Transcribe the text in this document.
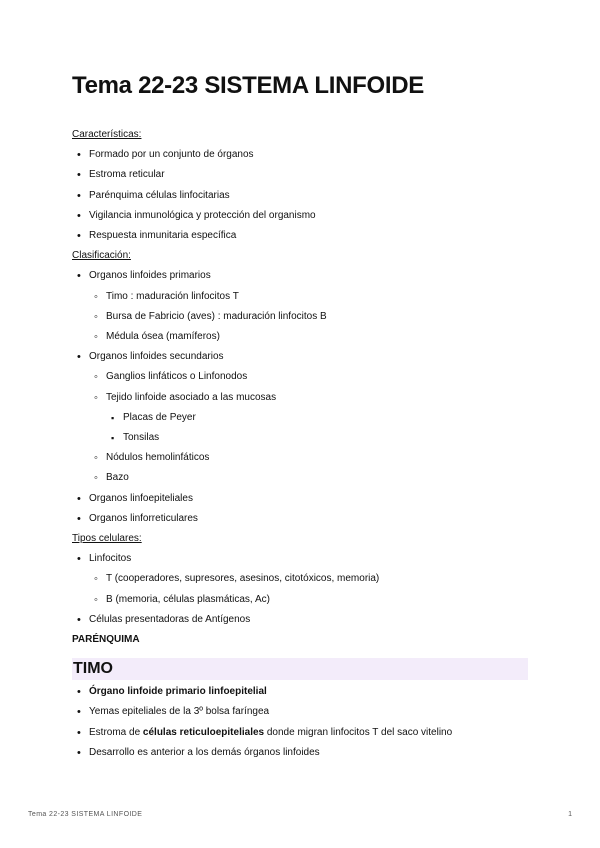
Tema 22-23 SISTEMA LINFOIDE
Características:
• Formado por un conjunto de órganos
• Estroma reticular
• Parénquima células linfocitarias
• Vigilancia inmunológica y protección del organismo
• Respuesta inmunitaria específica
Clasificación:
• Organos linfoides primarios
◦ Timo : maduración linfocitos T
◦ Bursa de Fabricio (aves) : maduración linfocitos B
◦ Médula ósea (mamíferos)
• Organos linfoides secundarios
◦ Ganglios linfáticos o Linfonodos
◦ Tejido linfoide asociado a las mucosas
▪ Placas de Peyer
▪ Tonsilas
◦ Nódulos hemolinfáticos
◦ Bazo
• Organos linfoepiteliales
• Organos linforreticulares
Tipos celulares:
• Linfocitos
◦ T (cooperadores, supresores, asesinos, citotóxicos, memoria)
◦ B (memoria, células plasmáticas, Ac)
• Células presentadoras de Antígenos
PARÉNQUIMA
TIMO
• Órgano linfoide primario linfoepitelial
• Yemas epiteliales de la 3º bolsa faríngea
• Estroma de células reticuloepiteliales donde migran linfocitos T del saco vitelino
• Desarrollo es anterior a los demás órganos linfoides
Tema 22-23 SISTEMA LINFOIDE	1
